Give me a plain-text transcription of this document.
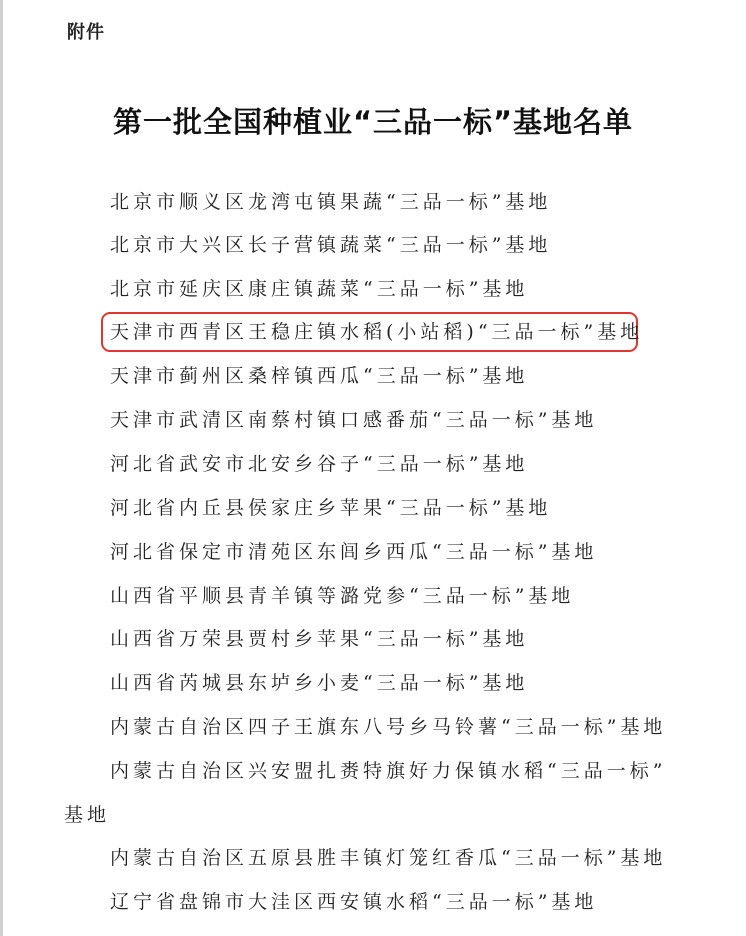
附件
第一批全国种植业“三品一标”基地名单
北京市顺义区龙湾屯镇果蔬“三品一标”基地
北京市大兴区长子营镇蔬菜“三品一标”基地
北京市延庆区康庄镇蔬菜“三品一标”基地
天津市西青区王稳庄镇水稻(小站稻)“三品一标”基地
天津市蓟州区桑梓镇西瓜“三品一标”基地
天津市武清区南蔡村镇口感番茄“三品一标”基地
河北省武安市北安乡谷子“三品一标”基地
河北省内丘县侯家庄乡苹果“三品一标”基地
河北省保定市清苑区东闾乡西瓜“三品一标”基地
山西省平顺县青羊镇等潞党参“三品一标”基地
山西省万荣县贾村乡苹果“三品一标”基地
山西省芮城县东垆乡小麦“三品一标”基地
内蒙古自治区四子王旗东八号乡马铃薯“三品一标”基地
内蒙古自治区兴安盟扎赉特旗好力保镇水稻“三品一标”
基地
内蒙古自治区五原县胜丰镇灯笼红香瓜“三品一标”基地
辽宁省盘锦市大洼区西安镇水稻“三品一标”基地
